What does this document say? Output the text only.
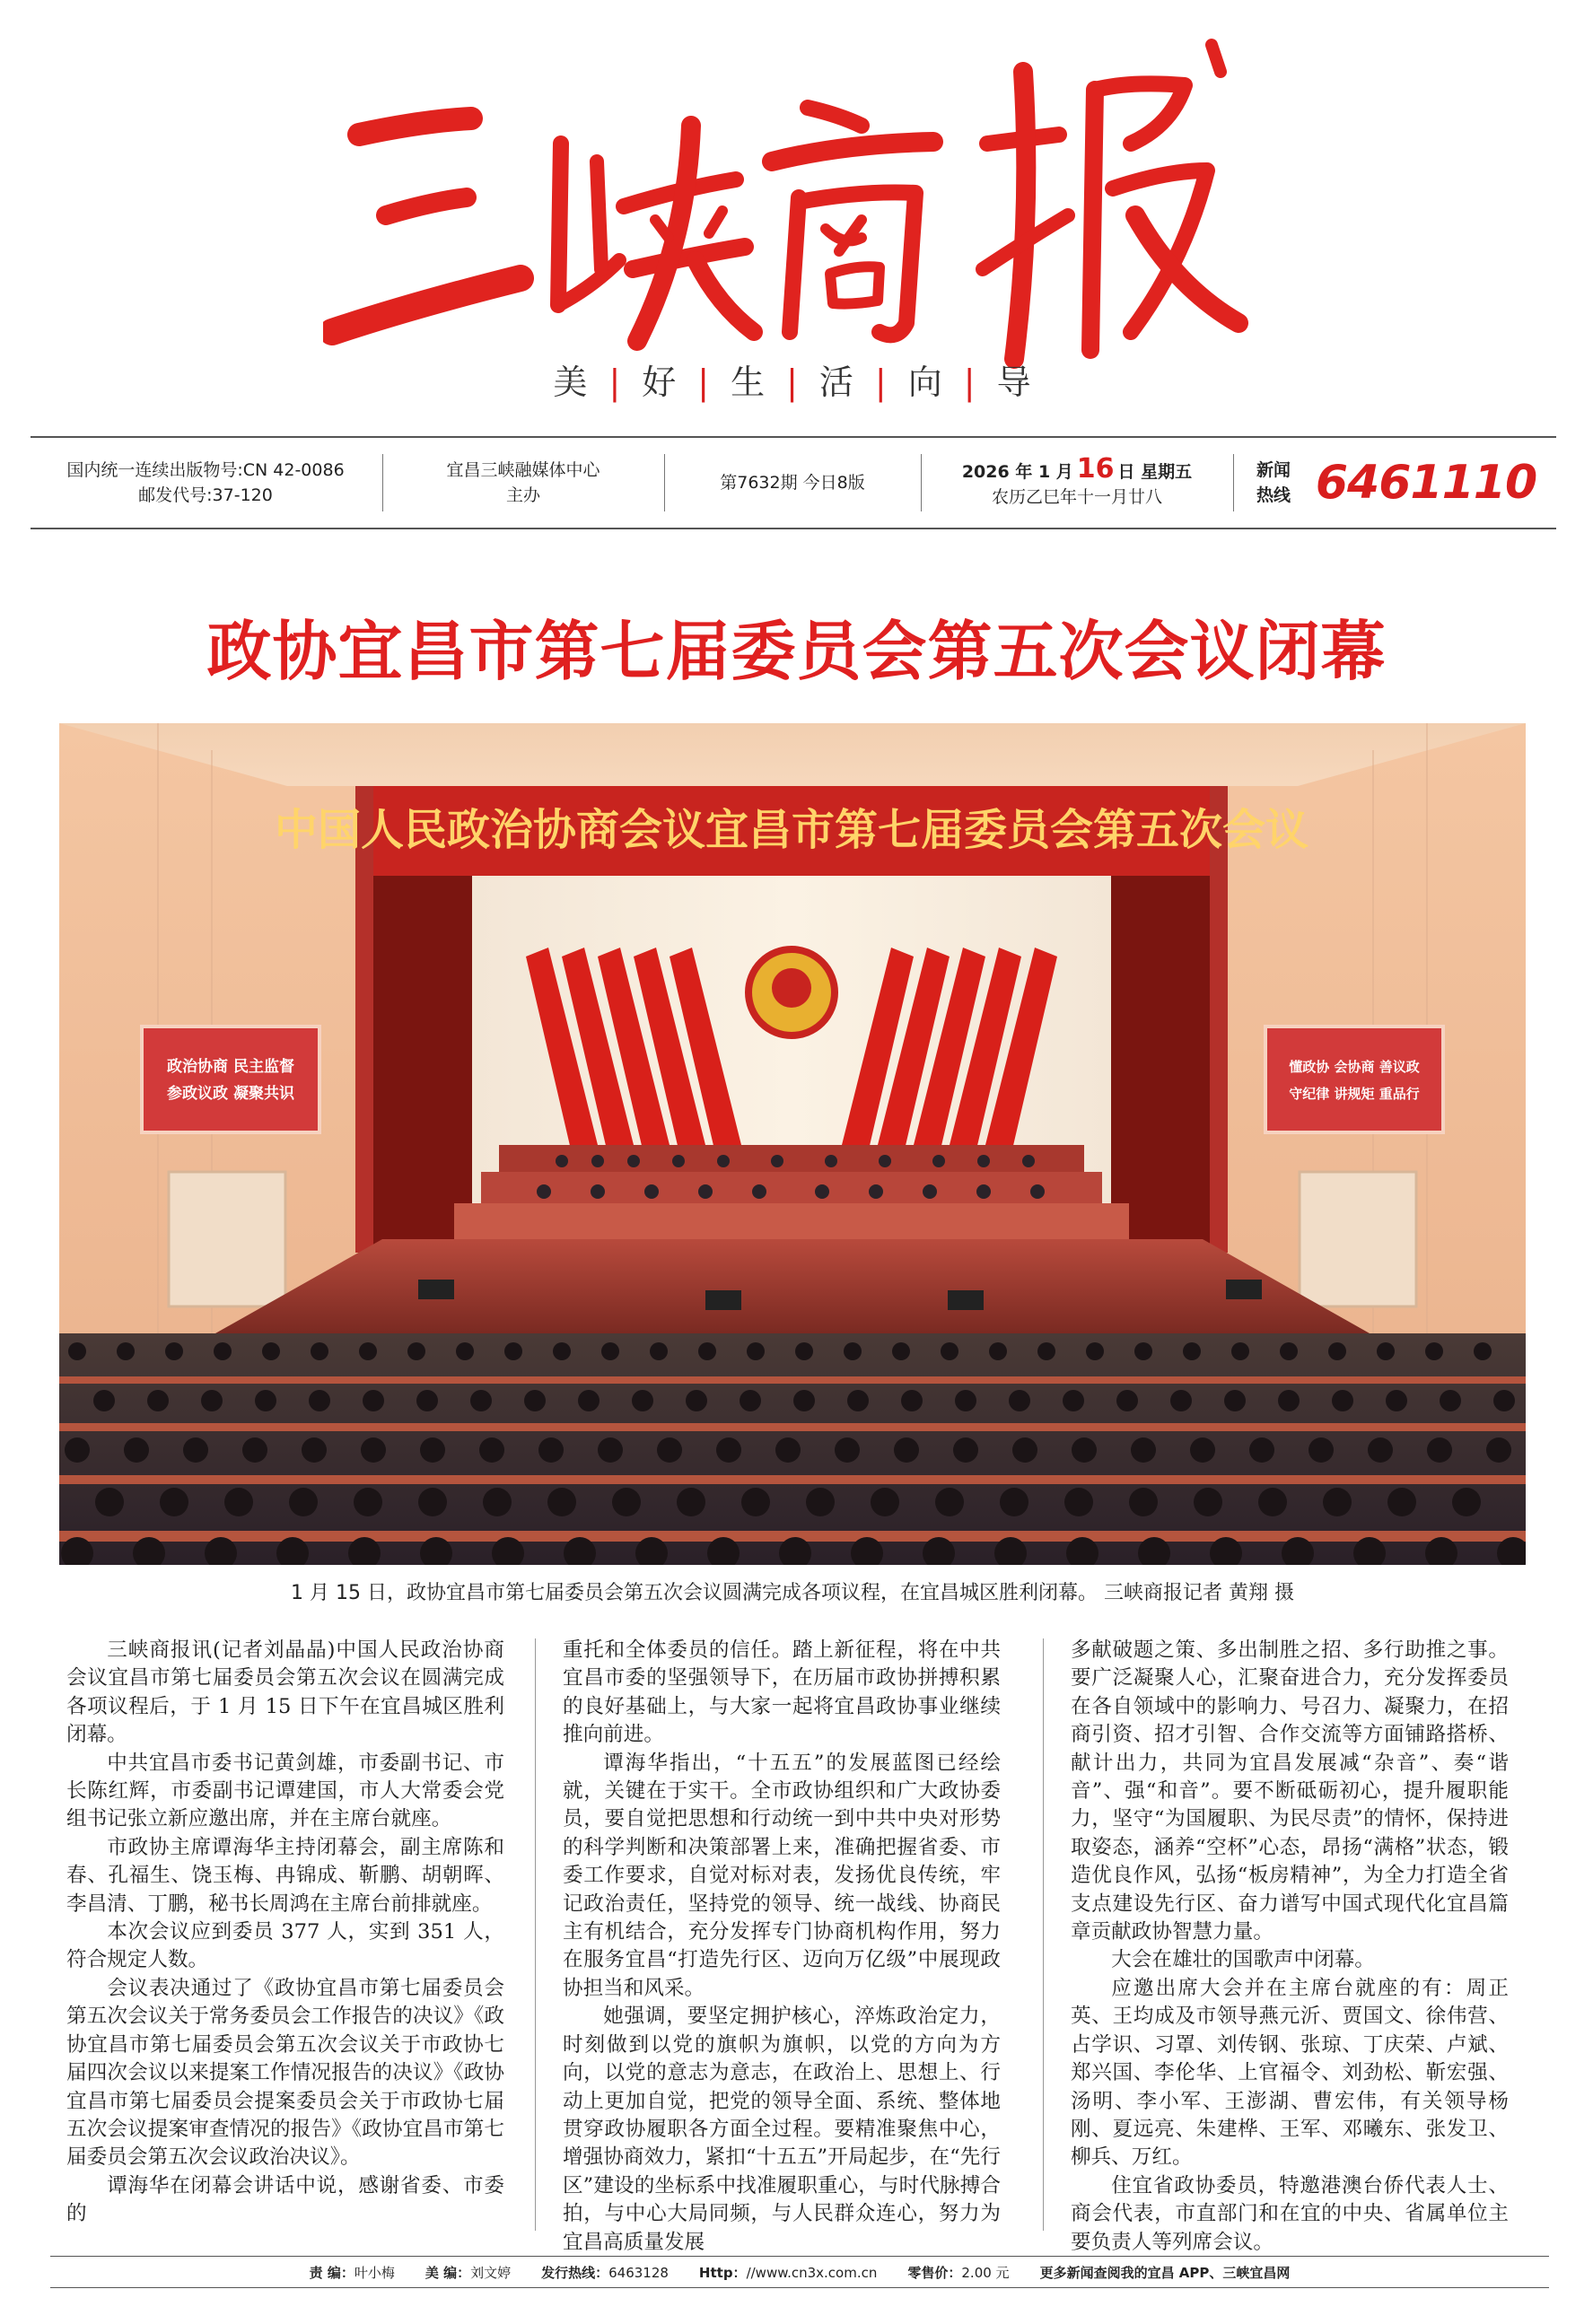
美 | 好 | 生 | 活 | 向 | 导
国内统一连续出版物号:CN 42-0086
邮发代号:37-120
宜昌三峡融媒体中心
主办
第7632期 今日8版
2026 年 1 月 16 日 星期五
农历乙巳年十一月廿八
新闻
热线 6461110
政协宜昌市第七届委员会第五次会议闭幕
中国人民政治协商会议宜昌市第七届委员会第五次会议
政治协商 民主监督
参政议政 凝聚共识
懂政协 会协商 善议政
守纪律 讲规矩 重品行
1 月 15 日，政协宜昌市第七届委员会第五次会议圆满完成各项议程，在宜昌城区胜利闭幕。 三峡商报记者 黄翔 摄

三峡商报讯(记者刘晶晶)中国人民政治协商会议宜昌市第七届委员会第五次会议在圆满完成各项议程后，于 1 月 15 日下午在宜昌城区胜利闭幕。

中共宜昌市委书记黄剑雄，市委副书记、市长陈红辉，市委副书记谭建国，市人大常委会党组书记张立新应邀出席，并在主席台就座。

市政协主席谭海华主持闭幕会，副主席陈和春、孔福生、饶玉梅、冉锦成、靳鹏、胡朝晖、李昌清、丁鹏，秘书长周鸿在主席台前排就座。

本次会议应到委员 377 人，实到 351 人，符合规定人数。

会议表决通过了《政协宜昌市第七届委员会第五次会议关于常务委员会工作报告的决议》《政协宜昌市第七届委员会第五次会议关于市政协七届四次会议以来提案工作情况报告的决议》《政协宜昌市第七届委员会提案委员会关于市政协七届五次会议提案审查情况的报告》《政协宜昌市第七届委员会第五次会议政治决议》。

谭海华在闭幕会讲话中说，感谢省委、市委的

重托和全体委员的信任。踏上新征程，将在中共宜昌市委的坚强领导下，在历届市政协拼搏积累的良好基础上，与大家一起将宜昌政协事业继续推向前进。

谭海华指出，“十五五”的发展蓝图已经绘就，关键在于实干。全市政协组织和广大政协委员，要自觉把思想和行动统一到中共中央对形势的科学判断和决策部署上来，准确把握省委、市委工作要求，自觉对标对表，发扬优良传统，牢记政治责任，坚持党的领导、统一战线、协商民主有机结合，充分发挥专门协商机构作用，努力在服务宜昌“打造先行区、迈向万亿级”中展现政协担当和风采。

她强调，要坚定拥护核心，淬炼政治定力，时刻做到以党的旗帜为旗帜，以党的方向为方向，以党的意志为意志，在政治上、思想上、行动上更加自觉，把党的领导全面、系统、整体地贯穿政协履职各方面全过程。要精准聚焦中心，增强协商效力，紧扣“十五五”开局起步，在“先行区”建设的坐标系中找准履职重心，与时代脉搏合拍，与中心大局同频，与人民群众连心，努力为宜昌高质量发展

多献破题之策、多出制胜之招、多行助推之事。要广泛凝聚人心，汇聚奋进合力，充分发挥委员在各自领域中的影响力、号召力、凝聚力，在招商引资、招才引智、合作交流等方面铺路搭桥、献计出力，共同为宜昌发展减“杂音”、奏“谐音”、强“和音”。要不断砥砺初心，提升履职能力，坚守“为国履职、为民尽责”的情怀，保持进取姿态，涵养“空杯”心态，昂扬“满格”状态，锻造优良作风，弘扬“板房精神”，为全力打造全省支点建设先行区、奋力谱写中国式现代化宜昌篇章贡献政协智慧力量。

大会在雄壮的国歌声中闭幕。

应邀出席大会并在主席台就座的有：周正英、王均成及市领导燕元沂、贾国文、徐伟营、占学识、习罩、刘传钢、张琼、丁庆荣、卢斌、郑兴国、李伦华、上官福令、刘劲松、靳宏强、汤明、李小军、王澎湖、曹宏伟，有关领导杨刚、夏远亮、朱建桦、王军、邓曦东、张发卫、柳兵、万红。

住宜省政协委员，特邀港澳台侨代表人士、商会代表，市直部门和在宜的中央、省属单位主要负责人等列席会议。

责 编：叶小梅 美 编：刘文婷 发行热线：6463128 Http：//www.cn3x.com.cn 零售价：2.00 元 更多新闻查阅我的宜昌 APP、三峡宜昌网
